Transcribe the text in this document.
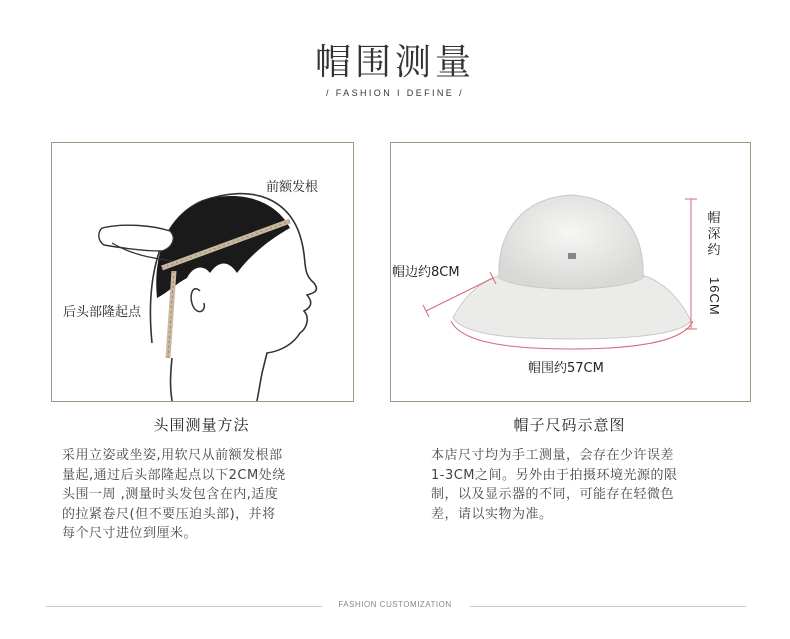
帽围测量
/ FASHION I DEFINE /
前额发根
后头部隆起点
帽边约8CM
帽
深
约
16CM
帽围约57CM
头围测量方法	帽子尺码示意图

采用立姿或坐姿,用软尺从前额发根部

量起,通过后头部隆起点以下2CM处绕

头围一周 ,测量时头发包含在内,适度

的拉紧卷尺(但不要压迫头部)，并将

每个尺寸进位到厘米。

本店尺寸均为手工测量，会存在少许误差

1-3CM之间。另外由于拍摄环境光源的限

制，以及显示器的不同，可能存在轻微色

差，请以实物为准。

FASHION CUSTOMIZATION
